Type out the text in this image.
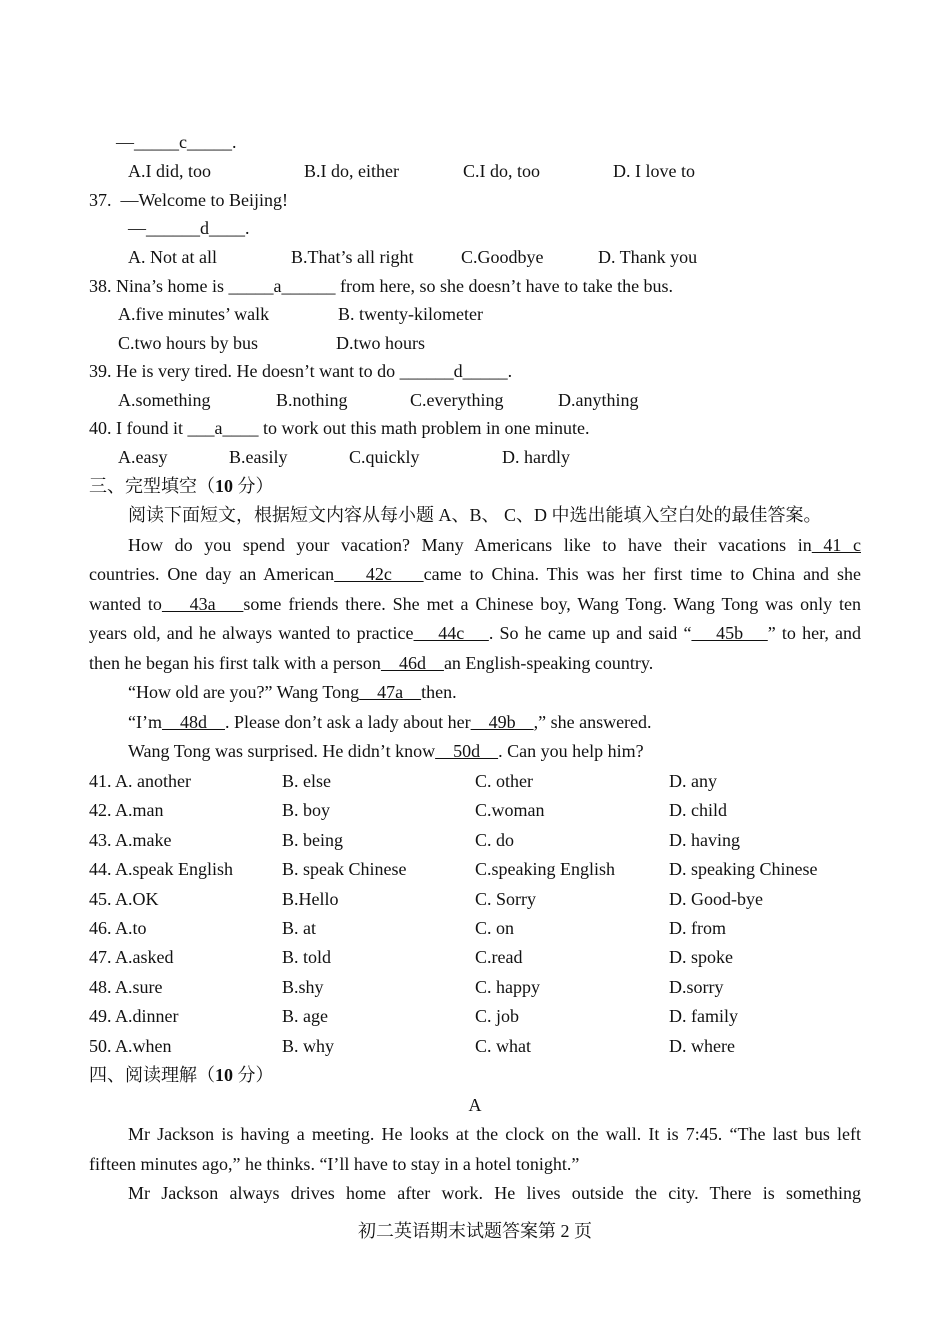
—_____c_____.
A.I did, too	B.I do, either	C.I do, too	D. I love to
37.  —Welcome to Beijing!
—______d____.
A. Not at all	B.That’s all right	C.Goodbye	D. Thank you
38. Nina’s home is _____a______ from here, so she doesn’t have to take the bus.
A.five minutes’ walk	B. twenty-kilometer
C.two hours by bus	D.two hours
39. He is very tired. He doesn’t want to do ______d_____.
A.something	B.nothing	C.everything	D.anything
40. I found it ___a____ to work out this math problem in one minute.
A.easy	B.easily	C.quickly	D. hardly
三、完型填空（10 分）
阅读下面短文，根据短文内容从每小题 A、B、 C、D 中选出能填入空白处的最佳答案。
How do you spend your vacation? Many Americans like to have their vacations in 41 c
countries. One day an American    42c    came to China. This was her first time to China and she
wanted to    43a    some friends there. She met a Chinese boy, Wang Tong. Wang Tong was only ten
years old, and he always wanted to practice    44c    . So he came up and said “    45b    ” to her, and
then he began his first talk with a person    46d    an English-speaking country.
“How old are you?” Wang Tong    47a    then.
“I’m    48d    . Please don’t ask a lady about her    49b    ,” she answered.
Wang Tong was surprised. He didn’t know    50d    . Can you help him?
41. A. another	B. else	C. other	D. any
42. A.man	B. boy	C.woman	D. child
43. A.make	B. being	C. do	D. having
44. A.speak English	B. speak Chinese	C.speaking English	D. speaking Chinese
45. A.OK	B.Hello	C. Sorry	D. Good-bye
46. A.to	B. at	C. on	D. from
47. A.asked	B. told	C.read	D. spoke
48. A.sure	B.shy	C. happy	D.sorry
49. A.dinner	B. age	C. job	D. family
50. A.when	B. why	C. what	D. where
四、阅读理解（10 分）
A
Mr Jackson is having a meeting. He looks at the clock on the wall. It is 7:45. “The last bus left
fifteen minutes ago,” he thinks. “I’ll have to stay in a hotel tonight.”
Mr Jackson always drives home after work. He lives outside the city. There is something
初二英语期末试题答案第 2 页
